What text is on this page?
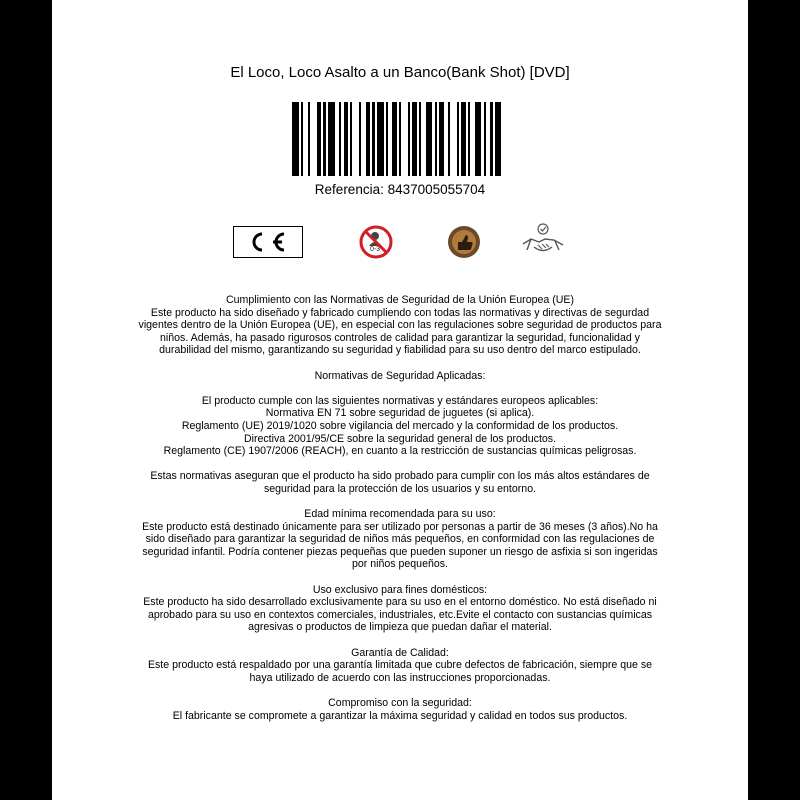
El Loco, Loco Asalto a un Banco(Bank Shot) [DVD]
Referencia: 8437005055704
0-3

Cumplimiento con las Normativas de Seguridad de la Unión Europea (UE)

Este producto ha sido diseñado y fabricado cumpliendo con todas las normativas y directivas de segurdad

vigentes dentro de la Unión Europea (UE), en especial con las regulaciones sobre seguridad de productos para

niños. Además, ha pasado rigurosos controles de calidad para garantizar la seguridad, funcionalidad y

durabilidad del mismo, garantizando su seguridad y fiabilidad para su uso dentro del marco estipulado.

Normativas de Seguridad Aplicadas:

El producto cumple con las siguientes normativas y estándares europeos aplicables:

Normativa EN 71 sobre seguridad de juguetes (si aplica).

Reglamento (UE) 2019/1020 sobre vigilancia del mercado y la conformidad de los productos.

Directiva 2001/95/CE sobre la seguridad general de los productos.

Reglamento (CE) 1907/2006 (REACH), en cuanto a la restricción de sustancias químicas peligrosas.

Estas normativas aseguran que el producto ha sido probado para cumplir con los más altos estándares de

seguridad para la protección de los usuarios y su entorno.

Edad mínima recomendada para su uso:

Este producto está destinado únicamente para ser utilizado por personas a partir de 36 meses (3 años).No ha

sido diseñado para garantizar la seguridad de niños más pequeños, en conformidad con las regulaciones de

seguridad infantil. Podría contener piezas pequeñas que pueden suponer un riesgo de asfixia si son ingeridas

por niños pequeños.

Uso exclusivo para fines domésticos:

Este producto ha sido desarrollado exclusivamente para su uso en el entorno doméstico. No está diseñado ni

aprobado para su uso en contextos comerciales, industriales, etc.Evite el contacto con sustancias químicas

agresivas o productos de limpieza que puedan dañar el material.

Garantía de Calidad:

Este producto está respaldado por una garantía limitada que cubre defectos de fabricación, siempre que se

haya utilizado de acuerdo con las instrucciones proporcionadas.

Compromiso con la seguridad:

El fabricante se compromete a garantizar la máxima seguridad y calidad en todos sus productos.
